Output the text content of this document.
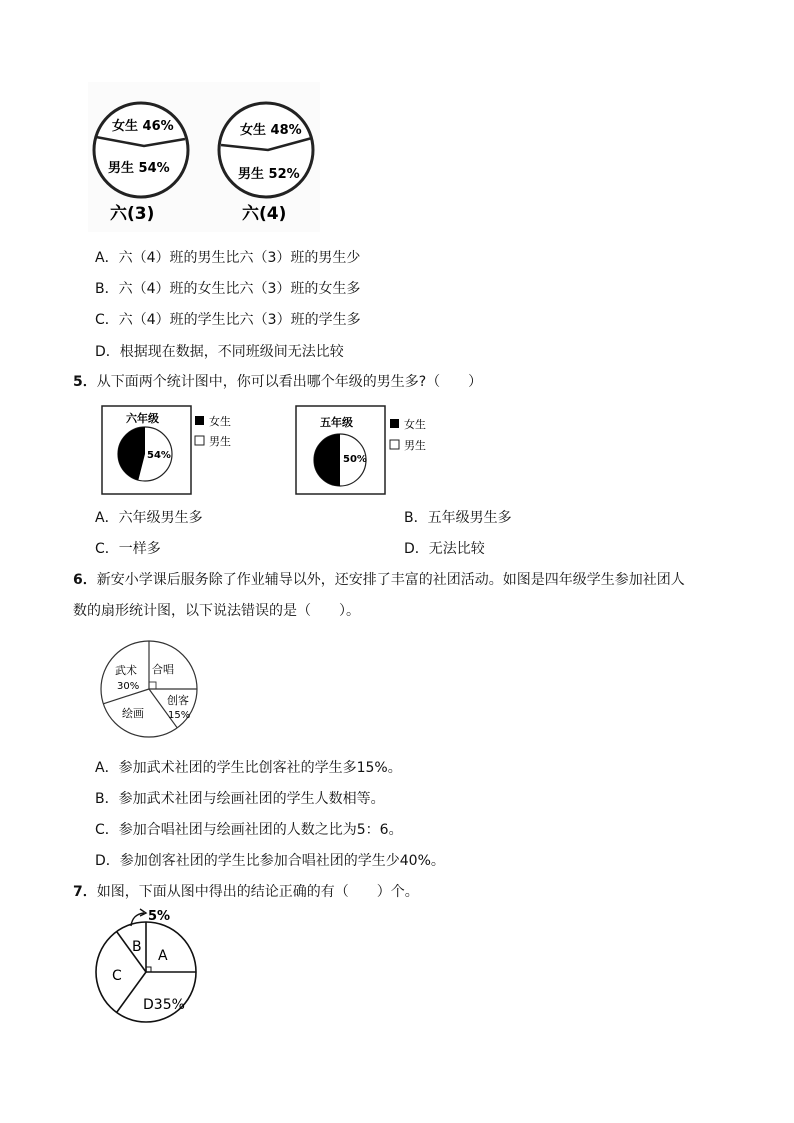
女生 46%
男生 54%
六(3)
女生 48%
男生 52%
六(4)
A．六（4）班的男生比六（3）班的男生少
B．六（4）班的女生比六（3）班的女生多
C．六（4）班的学生比六（3）班的学生多
D．根据现在数据，不同班级间无法比较
5．从下面两个统计图中，你可以看出哪个年级的男生多?（　　）
六年级
54%
女生
男生
五年级
50%
女生
男生
A．六年级男生多	B．五年级男生多
C．一样多	D．无法比较
6．新安小学课后服务除了作业辅导以外，还安排了丰富的社团活动。如图是四年级学生参加社团人
数的扇形统计图，以下说法错误的是（　　）。
武术
30%
合唱
创客
15%
绘画
A．参加武术社团的学生比创客社的学生多15%。
B．参加武术社团与绘画社团的学生人数相等。
C．参加合唱社团与绘画社团的人数之比为5：6。
D．参加创客社团的学生比参加合唱社团的学生少40%。
7．如图，下面从图中得出的结论正确的有（　　）个。
5%
A
D35%
C
B
